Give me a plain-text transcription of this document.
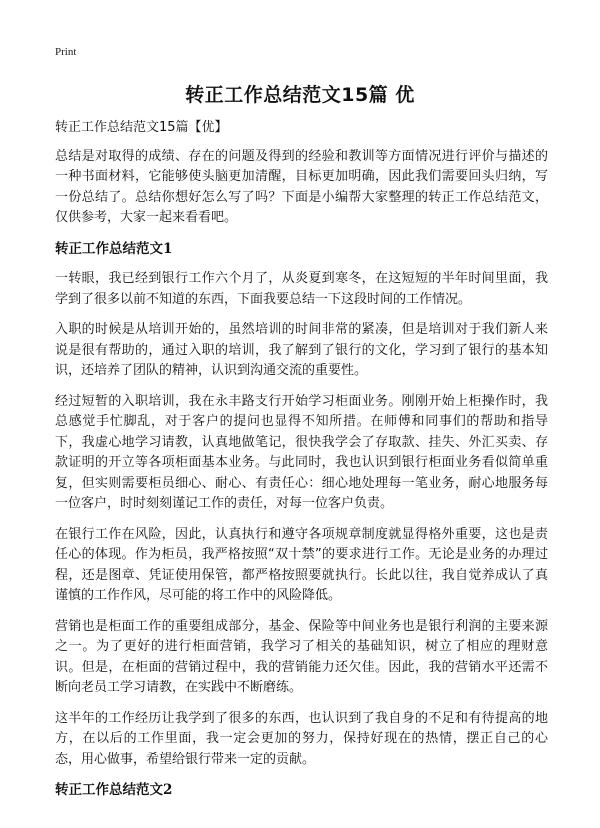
Print
转正工作总结范文15篇 优

转正工作总结范文15篇【优】

总结是对取得的成绩、存在的问题及得到的经验和教训等方面情况进行评价与描述的一种书面材料，它能够使头脑更加清醒，目标更加明确，因此我们需要回头归纳，写一份总结了。总结你想好怎么写了吗？下面是小编帮大家整理的转正工作总结范文，仅供参考，大家一起来看看吧。

转正工作总结范文1

一转眼，我已经到银行工作六个月了，从炎夏到寒冬，在这短短的半年时间里面，我学到了很多以前不知道的东西，下面我要总结一下这段时间的工作情况。

入职的时候是从培训开始的，虽然培训的时间非常的紧凑，但是培训对于我们新人来说是很有帮助的，通过入职的培训，我了解到了银行的文化，学习到了银行的基本知识，还培养了团队的精神，认识到沟通交流的重要性。

经过短暂的入职培训，我在永丰路支行开始学习柜面业务。刚刚开始上柜操作时，我总感觉手忙脚乱，对于客户的提问也显得不知所措。在师傅和同事们的帮助和指导下，我虚心地学习请教，认真地做笔记，很快我学会了存取款、挂失、外汇买卖、存款证明的开立等各项柜面基本业务。与此同时，我也认识到银行柜面业务看似简单重复，但实则需要柜员细心、耐心、有责任心：细心地处理每一笔业务，耐心地服务每一位客户，时时刻刻谨记工作的责任，对每一位客户负责。

在银行工作在风险，因此，认真执行和遵守各项规章制度就显得格外重要，这也是责任心的体现。作为柜员，我严格按照“双十禁”的要求进行工作。无论是业务的办理过程，还是图章、凭证使用保管，都严格按照要就执行。长此以往，我自觉养成认了真谨慎的工作作风，尽可能的将工作中的风险降低。

营销也是柜面工作的重要组成部分，基金、保险等中间业务也是银行利润的主要来源之一。为了更好的进行柜面营销，我学习了相关的基础知识，树立了相应的理财意识。但是，在柜面的营销过程中，我的营销能力还欠佳。因此，我的营销水平还需不断向老员工学习请教，在实践中不断磨练。

这半年的工作经历让我学到了很多的东西，也认识到了我自身的不足和有待提高的地方，在以后的工作里面，我一定会更加的努力，保持好现在的热情，摆正自己的心态，用心做事，希望给银行带来一定的贡献。

转正工作总结范文2
